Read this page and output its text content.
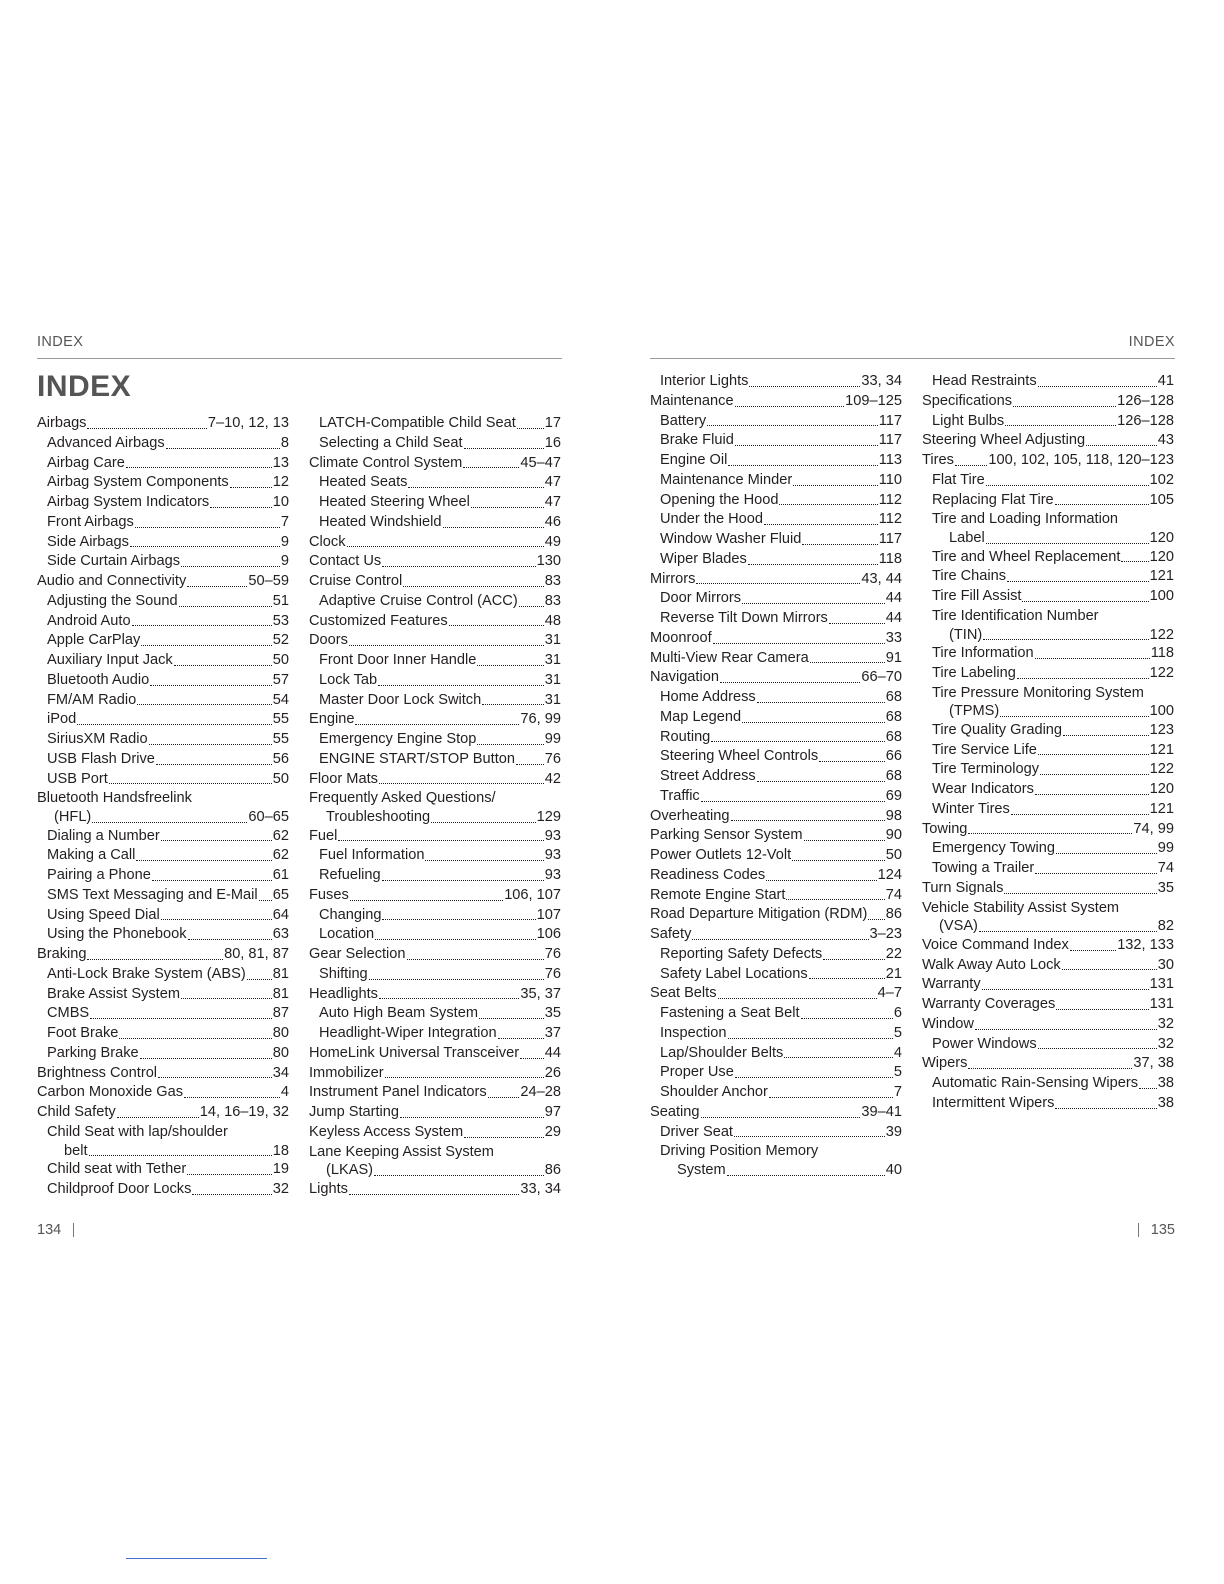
INDEX	INDEX
INDEX
Airbags	7–10, 12, 13
Advanced Airbags	8
Airbag Care	13
Airbag System Components	12
Airbag System Indicators	10
Front Airbags	7
Side Airbags	9
Side Curtain Airbags	9
Audio and Connectivity	50–59
Adjusting the Sound	51
Android Auto	53
Apple CarPlay	52
Auxiliary Input Jack	50
Bluetooth Audio	57
FM/AM Radio	54
iPod	55
SiriusXM Radio	55
USB Flash Drive	56
USB Port	50
Bluetooth Handsfreelink
(HFL)	60–65
Dialing a Number	62
Making a Call	62
Pairing a Phone	61
SMS Text Messaging and E-Mail 65
Using Speed Dial	64
Using the Phonebook	63
Braking	80, 81, 87
Anti-Lock Brake System (ABS) 81
Brake Assist System	81
CMBS	87
Foot Brake	80
Parking Brake	80
Brightness Control	34
Carbon Monoxide Gas	4
Child Safety	14, 16–19, 32
Child Seat with lap/shoulder
belt	18
Child seat with Tether	19
Childproof Door Locks	32
LATCH-Compatible Child Seat 17
Selecting a Child Seat	16
Climate Control System	45–47
Heated Seats	47
Heated Steering Wheel	47
Heated Windshield	46
Clock	49
Contact Us	130
Cruise Control	83
Adaptive Cruise Control (ACC) 83
Customized Features	48
Doors	31
Front Door Inner Handle	31
Lock Tab	31
Master Door Lock Switch	31
Engine	76, 99
Emergency Engine Stop	99
ENGINE START/STOP Button 76
Floor Mats	42
Frequently Asked Questions/
Troubleshooting	129
Fuel	93
Fuel Information	93
Refueling	93
Fuses	106, 107
Changing	107
Location	106
Gear Selection	76
Shifting	76
Headlights	35, 37
Auto High Beam System	35
Headlight-Wiper Integration	37
HomeLink Universal Transceiver 44
Immobilizer	26
Instrument Panel Indicators 24–28
Jump Starting	97
Keyless Access System	29
Lane Keeping Assist System
(LKAS)	86
Lights	33, 34
Interior Lights	33, 34
Maintenance	109–125
Battery	117
Brake Fluid	117
Engine Oil	113
Maintenance Minder	110
Opening the Hood	112
Under the Hood	112
Window Washer Fluid	117
Wiper Blades	118
Mirrors	43, 44
Door Mirrors	44
Reverse Tilt Down Mirrors	44
Moonroof	33
Multi-View Rear Camera	91
Navigation	66–70
Home Address	68
Map Legend	68
Routing	68
Steering Wheel Controls	66
Street Address	68
Traffic	69
Overheating	98
Parking Sensor System	90
Power Outlets 12-Volt	50
Readiness Codes	124
Remote Engine Start	74
Road Departure Mitigation (RDM) 86
Safety	3–23
Reporting Safety Defects	22
Safety Label Locations	21
Seat Belts	4–7
Fastening a Seat Belt	6
Inspection	5
Lap/Shoulder Belts	4
Proper Use	5
Shoulder Anchor	7
Seating	39–41
Driver Seat	39
Driving Position Memory
System	40
Head Restraints	41
Specifications	126–128
Light Bulbs	126–128
Steering Wheel Adjusting	43
Tires 100, 102, 105, 118, 120–123
Flat Tire	102
Replacing Flat Tire	105
Tire and Loading Information
Label	120
Tire and Wheel Replacement 120
Tire Chains	121
Tire Fill Assist	100
Tire Identification Number
(TIN)	122
Tire Information	118
Tire Labeling	122
Tire Pressure Monitoring System
(TPMS)	100
Tire Quality Grading	123
Tire Service Life	121
Tire Terminology	122
Wear Indicators	120
Winter Tires	121
Towing	74, 99
Emergency Towing	99
Towing a Trailer	74
Turn Signals	35
Vehicle Stability Assist System
(VSA)	82
Voice Command Index	132, 133
Walk Away Auto Lock	30
Warranty	131
Warranty Coverages	131
Window	32
Power Windows	32
Wipers	37, 38
Automatic Rain-Sensing Wipers 38
Intermittent Wipers	38
134	135
